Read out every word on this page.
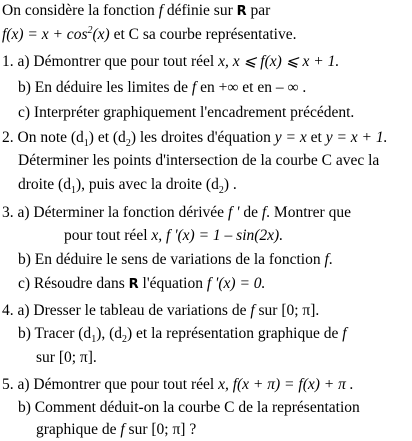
On considère la fonction f définie sur R par
$f(x) = x + \cos^2(x)$ et C sa courbe représentative.
1. a) Démontrer que pour tout réel x, x ⩽ f(x) ⩽ x + 1.
b) En déduire les limites de f en +∞ et en – ∞ .
c) Interpréter graphiquement l'encadrement précédent.
2. On note $(d_1)$ et $(d_2)$ les droites d'équation y = x et y = x + 1.
Déterminer les points d'intersection de la courbe C avec la
droite $(d_1)$, puis avec la droite $(d_2)$ .
3. a) Déterminer la fonction dérivée f ' de f. Montrer que
pour tout réel x, f '(x) = 1 – sin(2x).
b) En déduire le sens de variations de la fonction f.
c) Résoudre dans R l'équation f '(x) = 0.
4. a) Dresser le tableau de variations de f sur [0; π].
b) Tracer $(d_1)$, $(d_2)$ et la représentation graphique de f
sur [0; π].
5. a) Démontrer que pour tout réel x, f(x + π) = f(x) + π .
b) Comment déduit-on la courbe C de la représentation
graphique de f sur [0; π] ?
